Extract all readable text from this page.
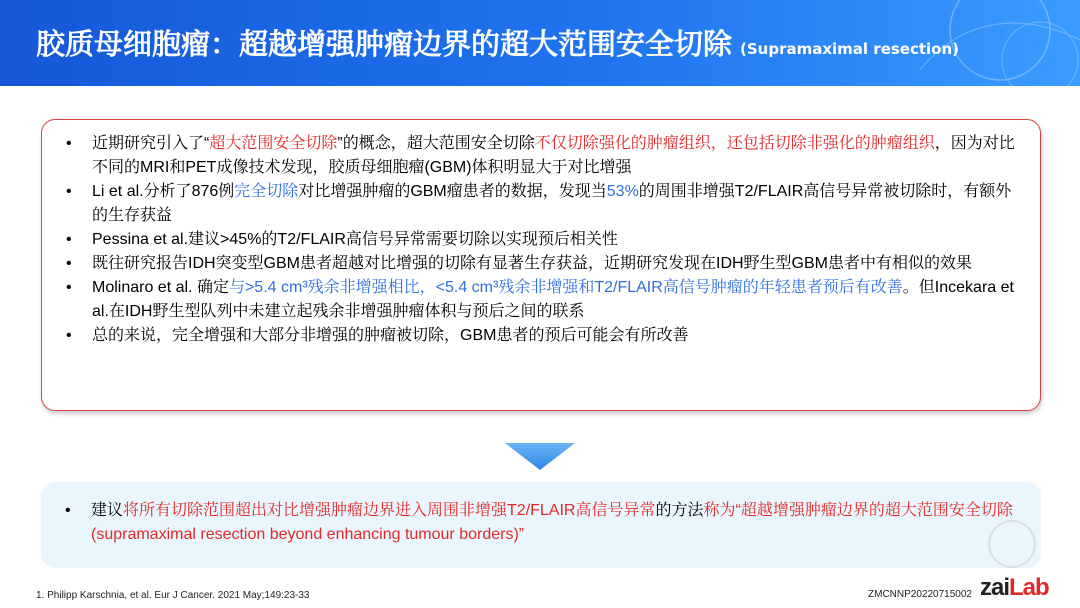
胶质母细胞瘤：超越增强肿瘤边界的超大范围安全切除 (Supramaximal resection)
• 近期研究引入了“超大范围安全切除”的概念，超大范围安全切除不仅切除强化的肿瘤组织，还包括切除非强化的肿瘤组织，因为对比不同的MRI和PET成像技术发现，胶质母细胞瘤(GBM)体积明显大于对比增强
• Li et al.分析了876例完全切除对比增强肿瘤的GBM瘤患者的数据，发现当53%的周围非增强T2/FLAIR高信号异常被切除时，有额外的生存获益
• Pessina et al.建议>45%的T2/FLAIR高信号异常需要切除以实现预后相关性
• 既往研究报告IDH突变型GBM患者超越对比增强的切除有显著生存获益，近期研究发现在IDH野生型GBM患者中有相似的效果
• Molinaro et al. 确定与>5.4 cm³残余非增强相比，<5.4 cm³残余非增强和T2/FLAIR高信号肿瘤的年轻患者预后有改善。但Incekara et al.在IDH野生型队列中未建立起残余非增强肿瘤体积与预后之间的联系
• 总的来说，完全增强和大部分非增强的肿瘤被切除，GBM患者的预后可能会有所改善
• 建议将所有切除范围超出对比增强肿瘤边界进入周围非增强T2/FLAIR高信号异常的方法称为“超越增强肿瘤边界的超大范围安全切除(supramaximal resection beyond enhancing tumour borders)”
1. Philipp Karschnia, et al. Eur J Cancer. 2021 May;149:23-33	ZMCNNP20220715002 zaiLab
